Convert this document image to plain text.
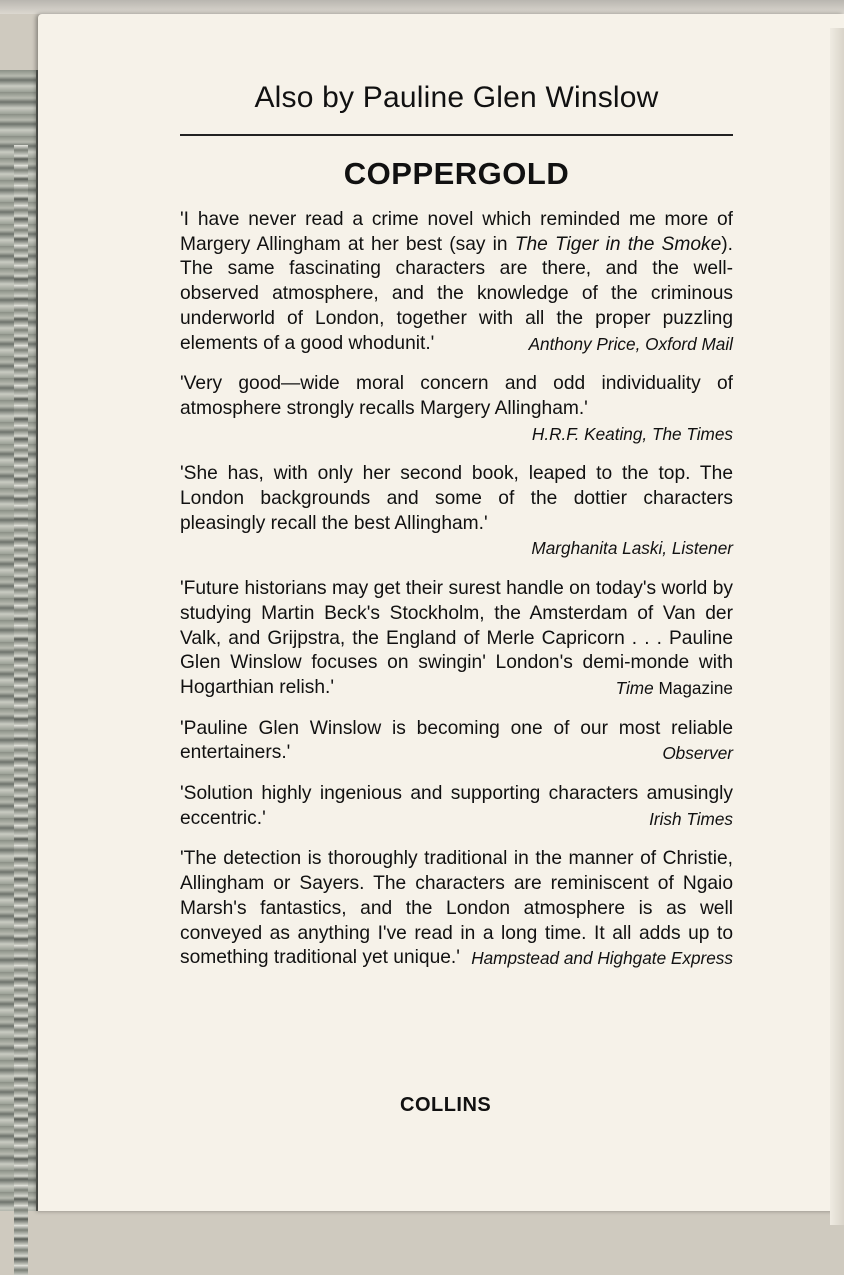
Also by Pauline Glen Winslow
COPPERGOLD

'I have never read a crime novel which reminded me more of Margery Allingham at her best (say in The Tiger in the Smoke). The same fascinating characters are there, and the well-observed atmosphere, and the knowledge of the criminous underworld of London, together with all the proper puzzling elements of a good whodunit.'	Anthony Price, Oxford Mail

'Very good—wide moral concern and odd individuality of atmosphere strongly recalls Margery Allingham.'
H.R.F. Keating, The Times

'She has, with only her second book, leaped to the top. The London backgrounds and some of the dottier characters pleasingly recall the best Allingham.'
Marghanita Laski, Listener

'Future historians may get their surest handle on today's world by studying Martin Beck's Stockholm, the Amsterdam of Van der Valk, and Grijpstra, the England of Merle Capricorn . . . Pauline Glen Winslow focuses on swingin' London's demi-monde with Hogarthian relish.'	Time Magazine

'Pauline Glen Winslow is becoming one of our most reliable entertainers.'	Observer

'Solution highly ingenious and supporting characters amusingly eccentric.'	Irish Times

'The detection is thoroughly traditional in the manner of Christie, Allingham or Sayers. The characters are reminiscent of Ngaio Marsh's fantastics, and the London atmosphere is as well conveyed as anything I've read in a long time. It all adds up to something traditional yet unique.' Hampstead and Highgate Express

COLLINS
